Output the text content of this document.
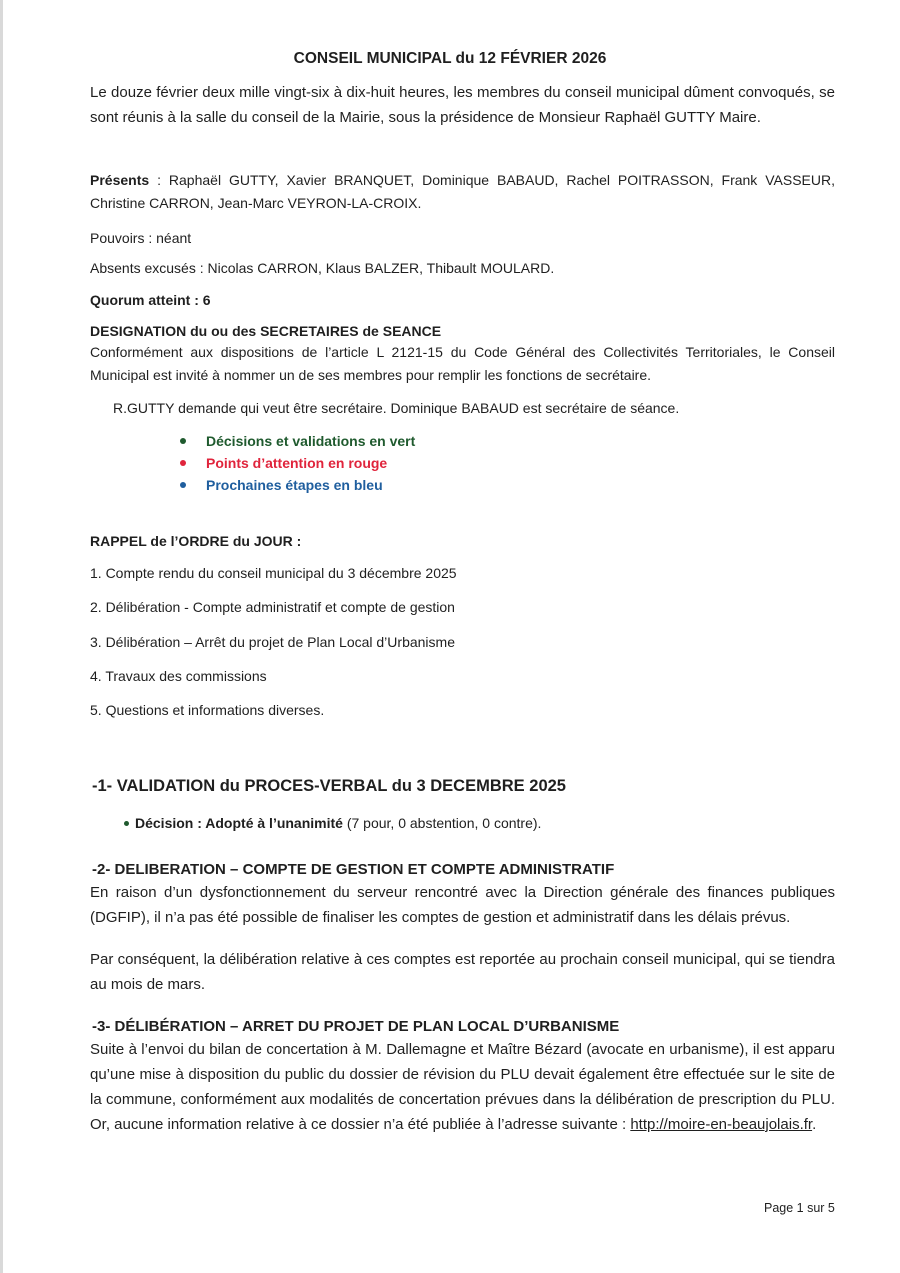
CONSEIL MUNICIPAL du 12 FÉVRIER 2026
Le douze février deux mille vingt-six à dix-huit heures, les membres du conseil municipal dûment convoqués, se sont réunis à la salle du conseil de la Mairie, sous la présidence de Monsieur Raphaël GUTTY Maire.
Présents : Raphaël GUTTY, Xavier BRANQUET, Dominique BABAUD, Rachel POITRASSON, Frank VASSEUR, Christine CARRON, Jean-Marc VEYRON-LA-CROIX.
Pouvoirs : néant
Absents excusés : Nicolas CARRON, Klaus BALZER, Thibault MOULARD.
Quorum atteint : 6
DESIGNATION du ou des SECRETAIRES de SEANCE
Conformément aux dispositions de l’article L 2121-15 du Code Général des Collectivités Territoriales, le Conseil Municipal est invité à nommer un de ses membres pour remplir les fonctions de secrétaire.
R.GUTTY demande qui veut être secrétaire. Dominique BABAUD est secrétaire de séance.
Décisions et validations en vert
Points d’attention en rouge
Prochaines étapes en bleu
RAPPEL de l’ORDRE du JOUR :
1. Compte rendu du conseil municipal du 3 décembre 2025
2. Délibération - Compte administratif et compte de gestion
3. Délibération – Arrêt du projet de Plan Local d’Urbanisme
4. Travaux des commissions
5. Questions et informations diverses.
-1- VALIDATION du PROCES-VERBAL du 3 DECEMBRE 2025
Décision : Adopté à l’unanimité (7 pour, 0 abstention, 0 contre).
-2- DELIBERATION – COMPTE DE GESTION ET COMPTE ADMINISTRATIF
En raison d’un dysfonctionnement du serveur rencontré avec la Direction générale des finances publiques (DGFIP), il n’a pas été possible de finaliser les comptes de gestion et administratif dans les délais prévus.
Par conséquent, la délibération relative à ces comptes est reportée au prochain conseil municipal, qui se tiendra au mois de mars.
-3- DÉLIBÉRATION – ARRET DU PROJET DE PLAN LOCAL D’URBANISME
Suite à l’envoi du bilan de concertation à M. Dallemagne et Maître Bézard (avocate en urbanisme), il est apparu qu’une mise à disposition du public du dossier de révision du PLU devait également être effectuée sur le site de la commune, conformément aux modalités de concertation prévues dans la délibération de prescription du PLU. Or, aucune information relative à ce dossier n’a été publiée à l’adresse suivante : http://moire-en-beaujolais.fr.
Page 1 sur 5
